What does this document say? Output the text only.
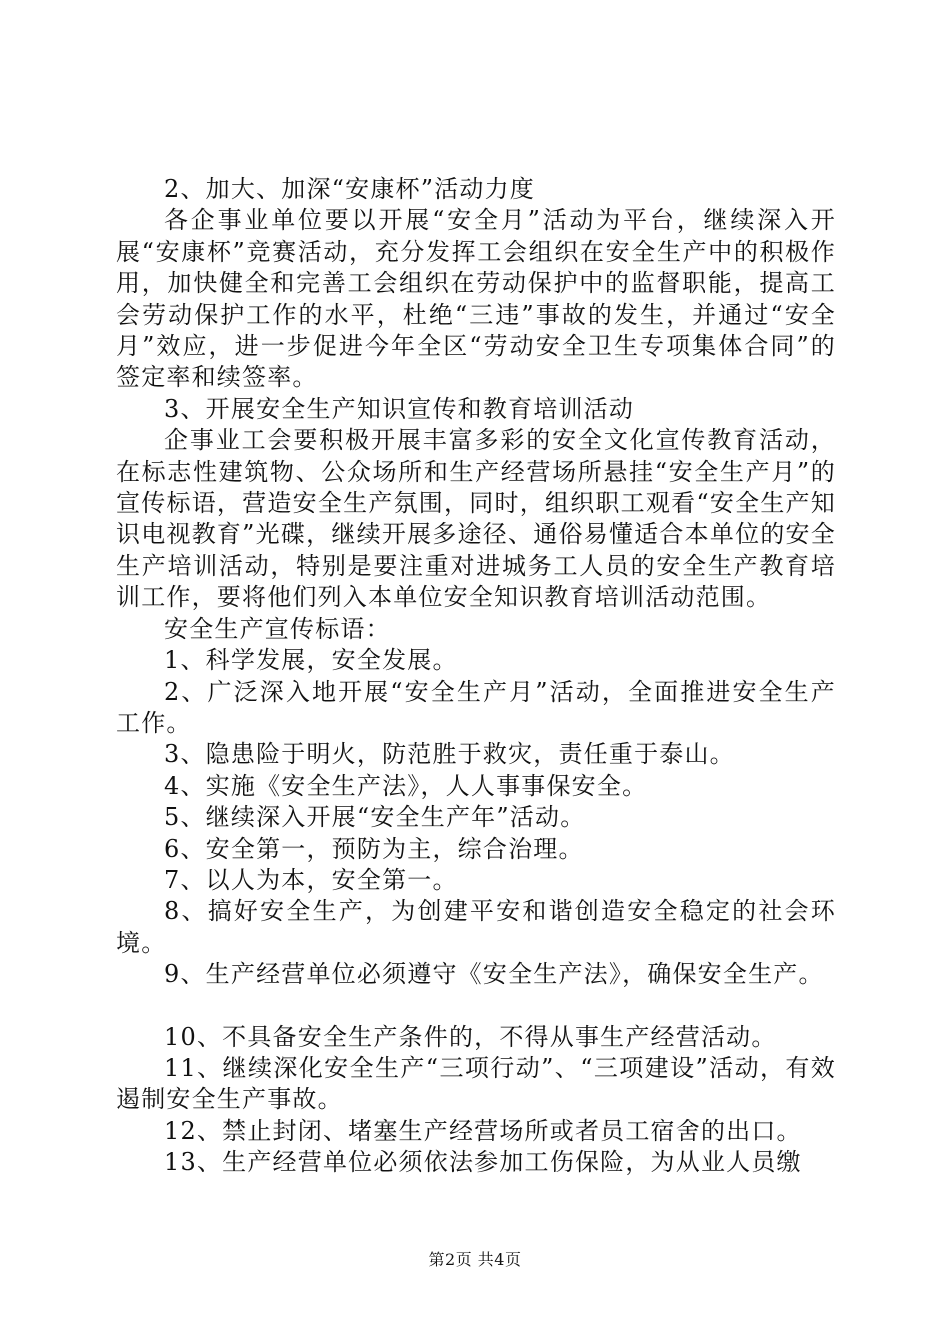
2、加大、加深“安康杯”活动力度

各企事业单位要以开展“安全月”活动为平台，继续深入开展“安康杯”竞赛活动，充分发挥工会组织在安全生产中的积极作用，加快健全和完善工会组织在劳动保护中的监督职能，提高工会劳动保护工作的水平，杜绝“三违”事故的发生，并通过“安全月”效应，进一步促进今年全区“劳动安全卫生专项集体合同”的签定率和续签率。

3、开展安全生产知识宣传和教育培训活动

企事业工会要积极开展丰富多彩的安全文化宣传教育活动，在标志性建筑物、公众场所和生产经营场所悬挂“安全生产月”的宣传标语，营造安全生产氛围，同时，组织职工观看“安全生产知识电视教育”光碟，继续开展多途径、通俗易懂适合本单位的安全生产培训活动，特别是要注重对进城务工人员的安全生产教育培训工作，要将他们列入本单位安全知识教育培训活动范围。

安全生产宣传标语：

1、科学发展，安全发展。

2、广泛深入地开展“安全生产月”活动，全面推进安全生产工作。

3、隐患险于明火，防范胜于救灾，责任重于泰山。

4、实施《安全生产法》，人人事事保安全。

5、继续深入开展“安全生产年”活动。

6、安全第一，预防为主，综合治理。

7、以人为本，安全第一。

8、搞好安全生产，为创建平安和谐创造安全稳定的社会环境。

9、生产经营单位必须遵守《安全生产法》，确保安全生产。

10、不具备安全生产条件的，不得从事生产经营活动。

11、继续深化安全生产“三项行动”、“三项建设”活动，有效遏制安全生产事故。

12、禁止封闭、堵塞生产经营场所或者员工宿舍的出口。

13、生产经营单位必须依法参加工伤保险，为从业人员缴

第2页 共4页
